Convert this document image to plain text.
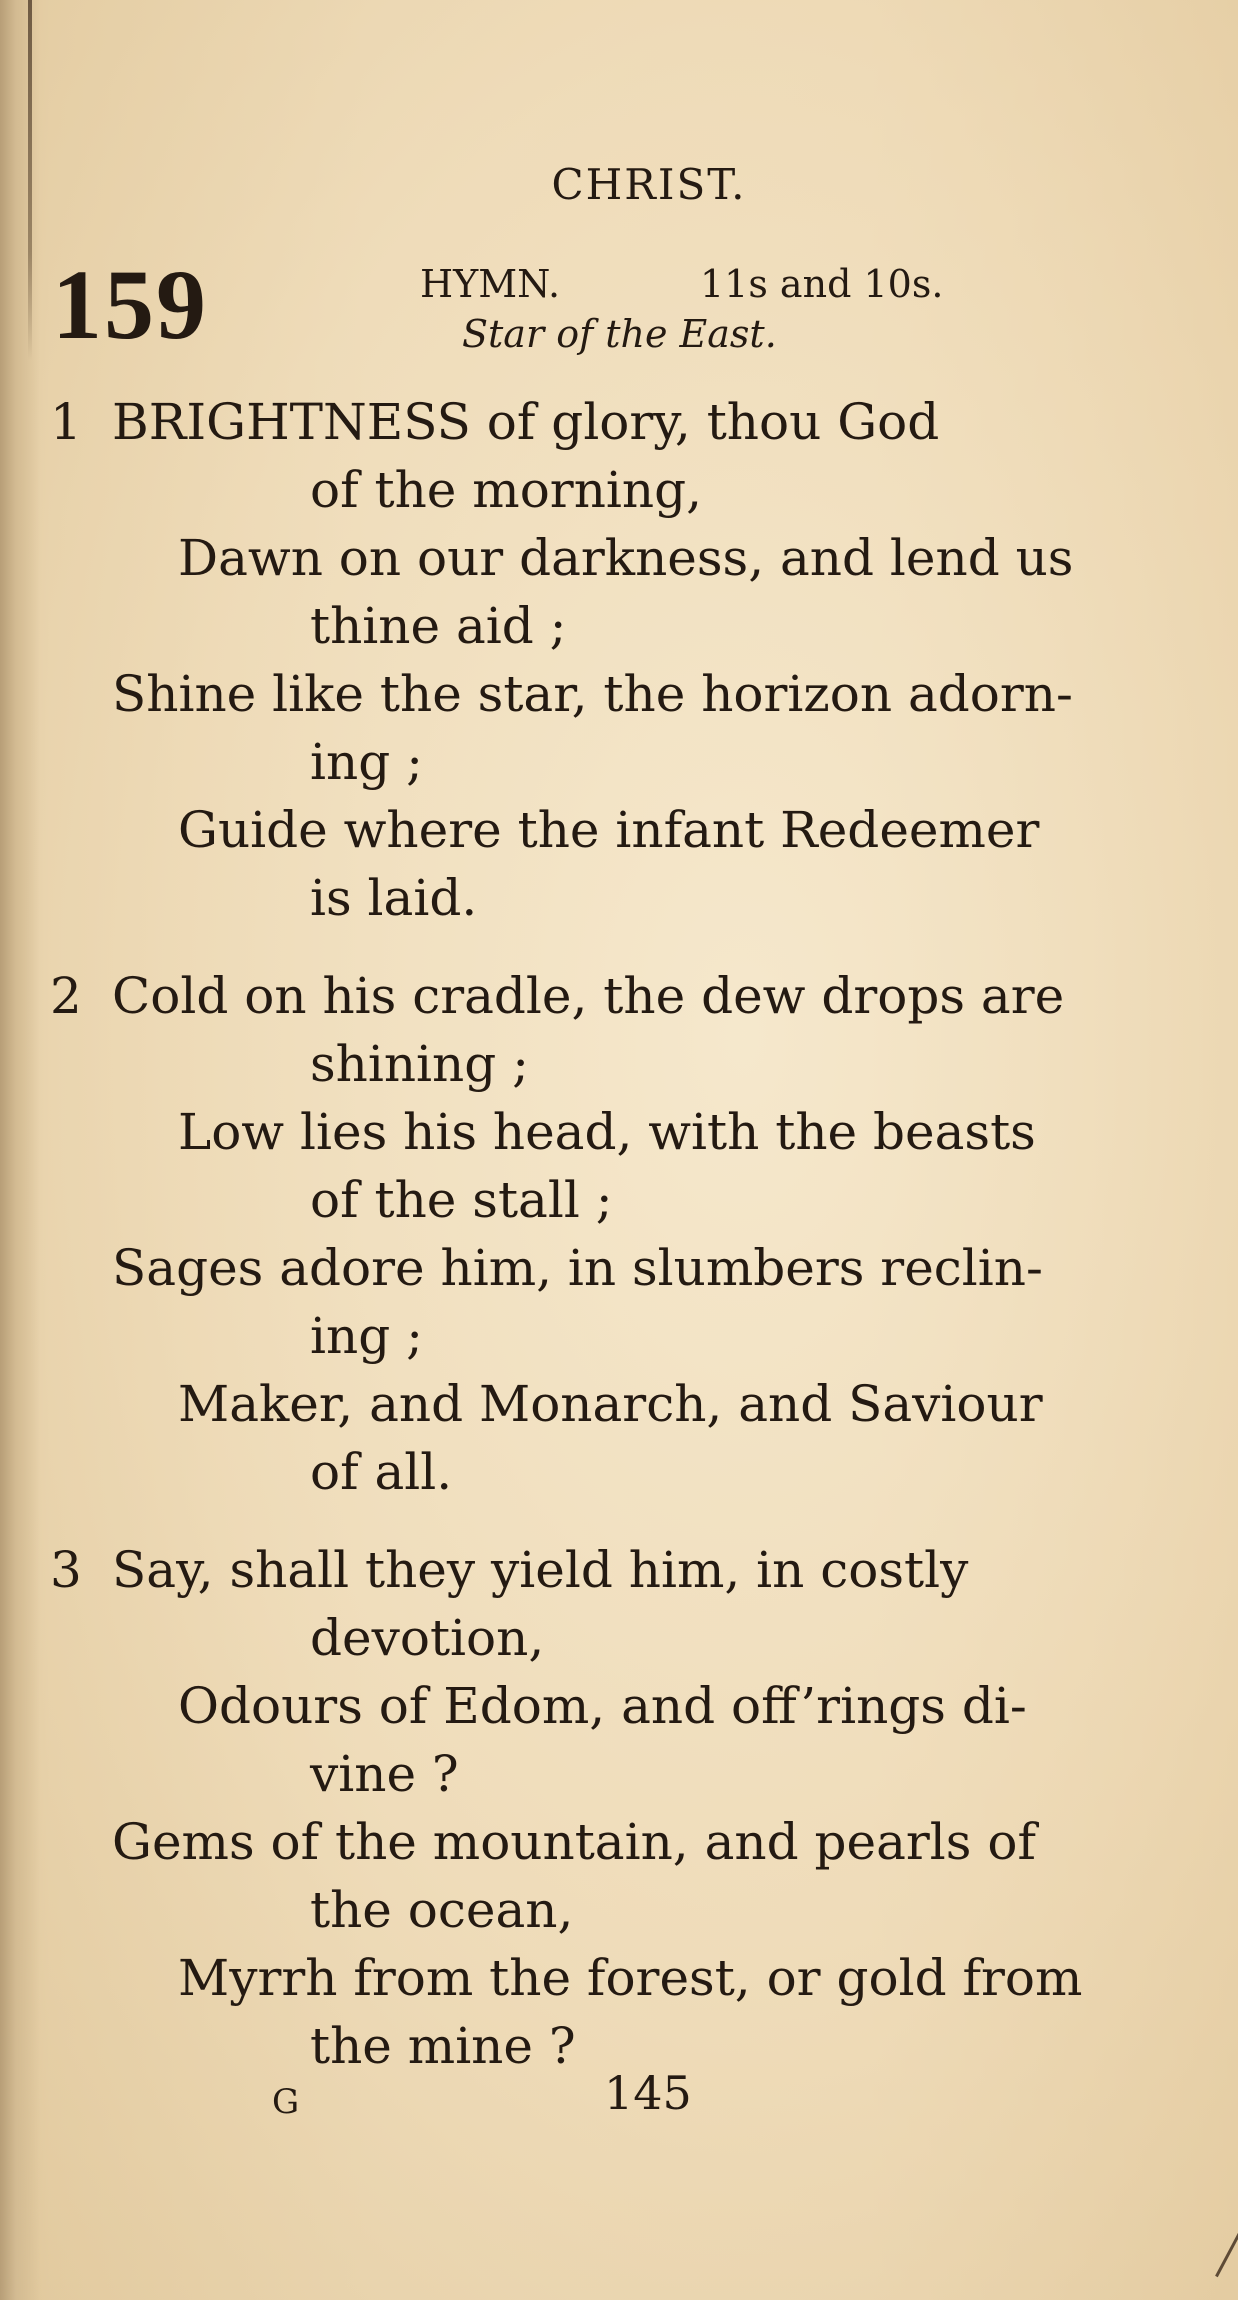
CHRIST.
159	HYMN.	11s and 10s.
Star of the East.
1 BRIGHTNESS of glory, thou God
of the morning,
Dawn on our darkness, and lend us
thine aid ;
Shine like the star, the horizon adorn-
ing ;
Guide where the infant Redeemer
is laid.
2 Cold on his cradle, the dew drops are
shining ;
Low lies his head, with the beasts
of the stall ;
Sages adore him, in slumbers reclin-
ing ;
Maker, and Monarch, and Saviour
of all.
3 Say, shall they yield him, in costly
devotion,
Odours of Edom, and off’rings di-
vine ?
Gems of the mountain, and pearls of
the ocean,
Myrrh from the forest, or gold from
the mine ?
G	145
